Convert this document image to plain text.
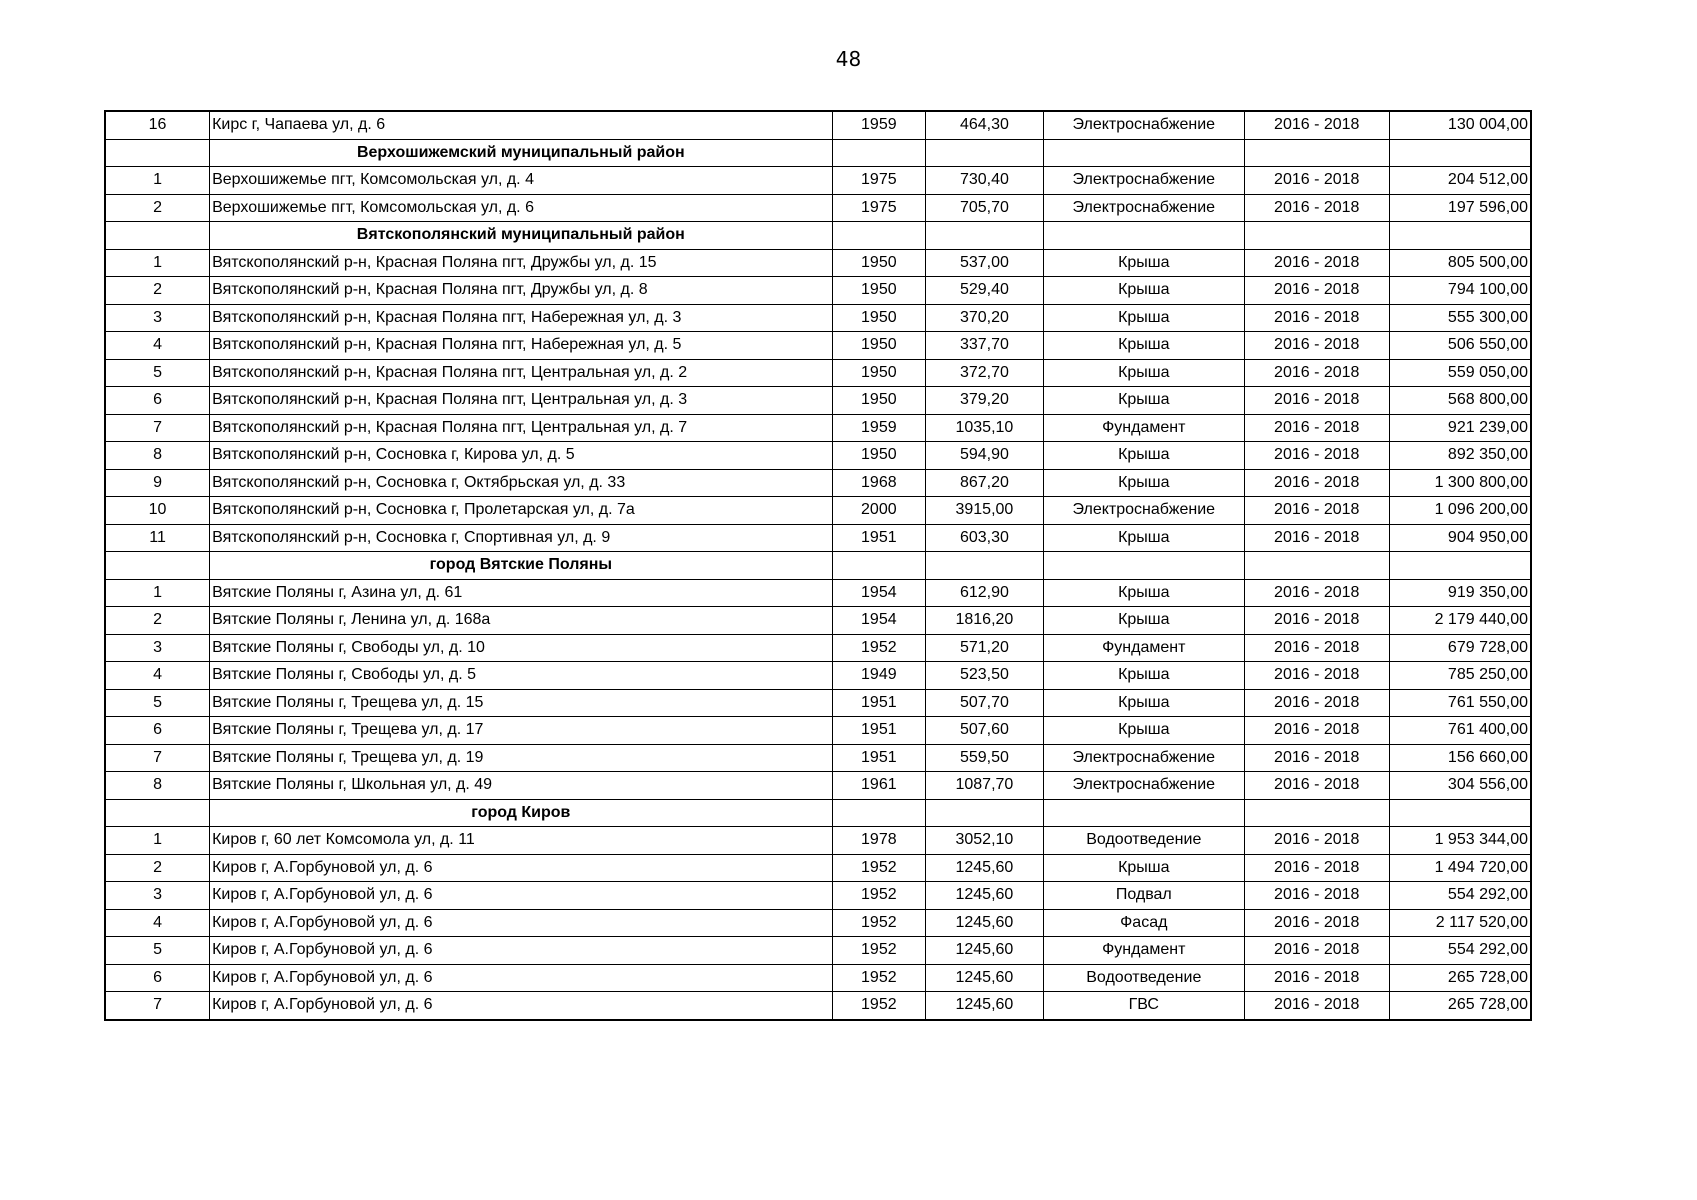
48
16	Кирс г, Чапаева ул, д. 6	1959	464,30	Электроснабжение	2016 - 2018	130 004,00
	Верхошижемский муниципальный район					
1	Верхошижемье пгт, Комсомольская ул, д. 4	1975	730,40	Электроснабжение	2016 - 2018	204 512,00
2	Верхошижемье пгт, Комсомольская ул, д. 6	1975	705,70	Электроснабжение	2016 - 2018	197 596,00
	Вятскополянский муниципальный район					
1	Вятскополянский р-н, Красная Поляна пгт, Дружбы ул, д. 15	1950	537,00	Крыша	2016 - 2018	805 500,00
2	Вятскополянский р-н, Красная Поляна пгт, Дружбы ул, д. 8	1950	529,40	Крыша	2016 - 2018	794 100,00
3	Вятскополянский р-н, Красная Поляна пгт, Набережная ул, д. 3	1950	370,20	Крыша	2016 - 2018	555 300,00
4	Вятскополянский р-н, Красная Поляна пгт, Набережная ул, д. 5	1950	337,70	Крыша	2016 - 2018	506 550,00
5	Вятскополянский р-н, Красная Поляна пгт, Центральная ул, д. 2	1950	372,70	Крыша	2016 - 2018	559 050,00
6	Вятскополянский р-н, Красная Поляна пгт, Центральная ул, д. 3	1950	379,20	Крыша	2016 - 2018	568 800,00
7	Вятскополянский р-н, Красная Поляна пгт, Центральная ул, д. 7	1959	1035,10	Фундамент	2016 - 2018	921 239,00
8	Вятскополянский р-н, Сосновка г, Кирова ул, д. 5	1950	594,90	Крыша	2016 - 2018	892 350,00
9	Вятскополянский р-н, Сосновка г, Октябрьская ул, д. 33	1968	867,20	Крыша	2016 - 2018	1 300 800,00
10	Вятскополянский р-н, Сосновка г, Пролетарская ул, д. 7а	2000	3915,00	Электроснабжение	2016 - 2018	1 096 200,00
11	Вятскополянский р-н, Сосновка г, Спортивная ул, д. 9	1951	603,30	Крыша	2016 - 2018	904 950,00
	город Вятские Поляны					
1	Вятские Поляны г, Азина ул, д. 61	1954	612,90	Крыша	2016 - 2018	919 350,00
2	Вятские Поляны г, Ленина ул, д. 168а	1954	1816,20	Крыша	2016 - 2018	2 179 440,00
3	Вятские Поляны г, Свободы ул, д. 10	1952	571,20	Фундамент	2016 - 2018	679 728,00
4	Вятские Поляны г, Свободы ул, д. 5	1949	523,50	Крыша	2016 - 2018	785 250,00
5	Вятские Поляны г, Трещева ул, д. 15	1951	507,70	Крыша	2016 - 2018	761 550,00
6	Вятские Поляны г, Трещева ул, д. 17	1951	507,60	Крыша	2016 - 2018	761 400,00
7	Вятские Поляны г, Трещева ул, д. 19	1951	559,50	Электроснабжение	2016 - 2018	156 660,00
8	Вятские Поляны г, Школьная ул, д. 49	1961	1087,70	Электроснабжение	2016 - 2018	304 556,00
	город Киров					
1	Киров г, 60 лет Комсомола ул, д. 11	1978	3052,10	Водоотведение	2016 - 2018	1 953 344,00
2	Киров г, А.Горбуновой ул, д. 6	1952	1245,60	Крыша	2016 - 2018	1 494 720,00
3	Киров г, А.Горбуновой ул, д. 6	1952	1245,60	Подвал	2016 - 2018	554 292,00
4	Киров г, А.Горбуновой ул, д. 6	1952	1245,60	Фасад	2016 - 2018	2 117 520,00
5	Киров г, А.Горбуновой ул, д. 6	1952	1245,60	Фундамент	2016 - 2018	554 292,00
6	Киров г, А.Горбуновой ул, д. 6	1952	1245,60	Водоотведение	2016 - 2018	265 728,00
7	Киров г, А.Горбуновой ул, д. 6	1952	1245,60	ГВС	2016 - 2018	265 728,00
